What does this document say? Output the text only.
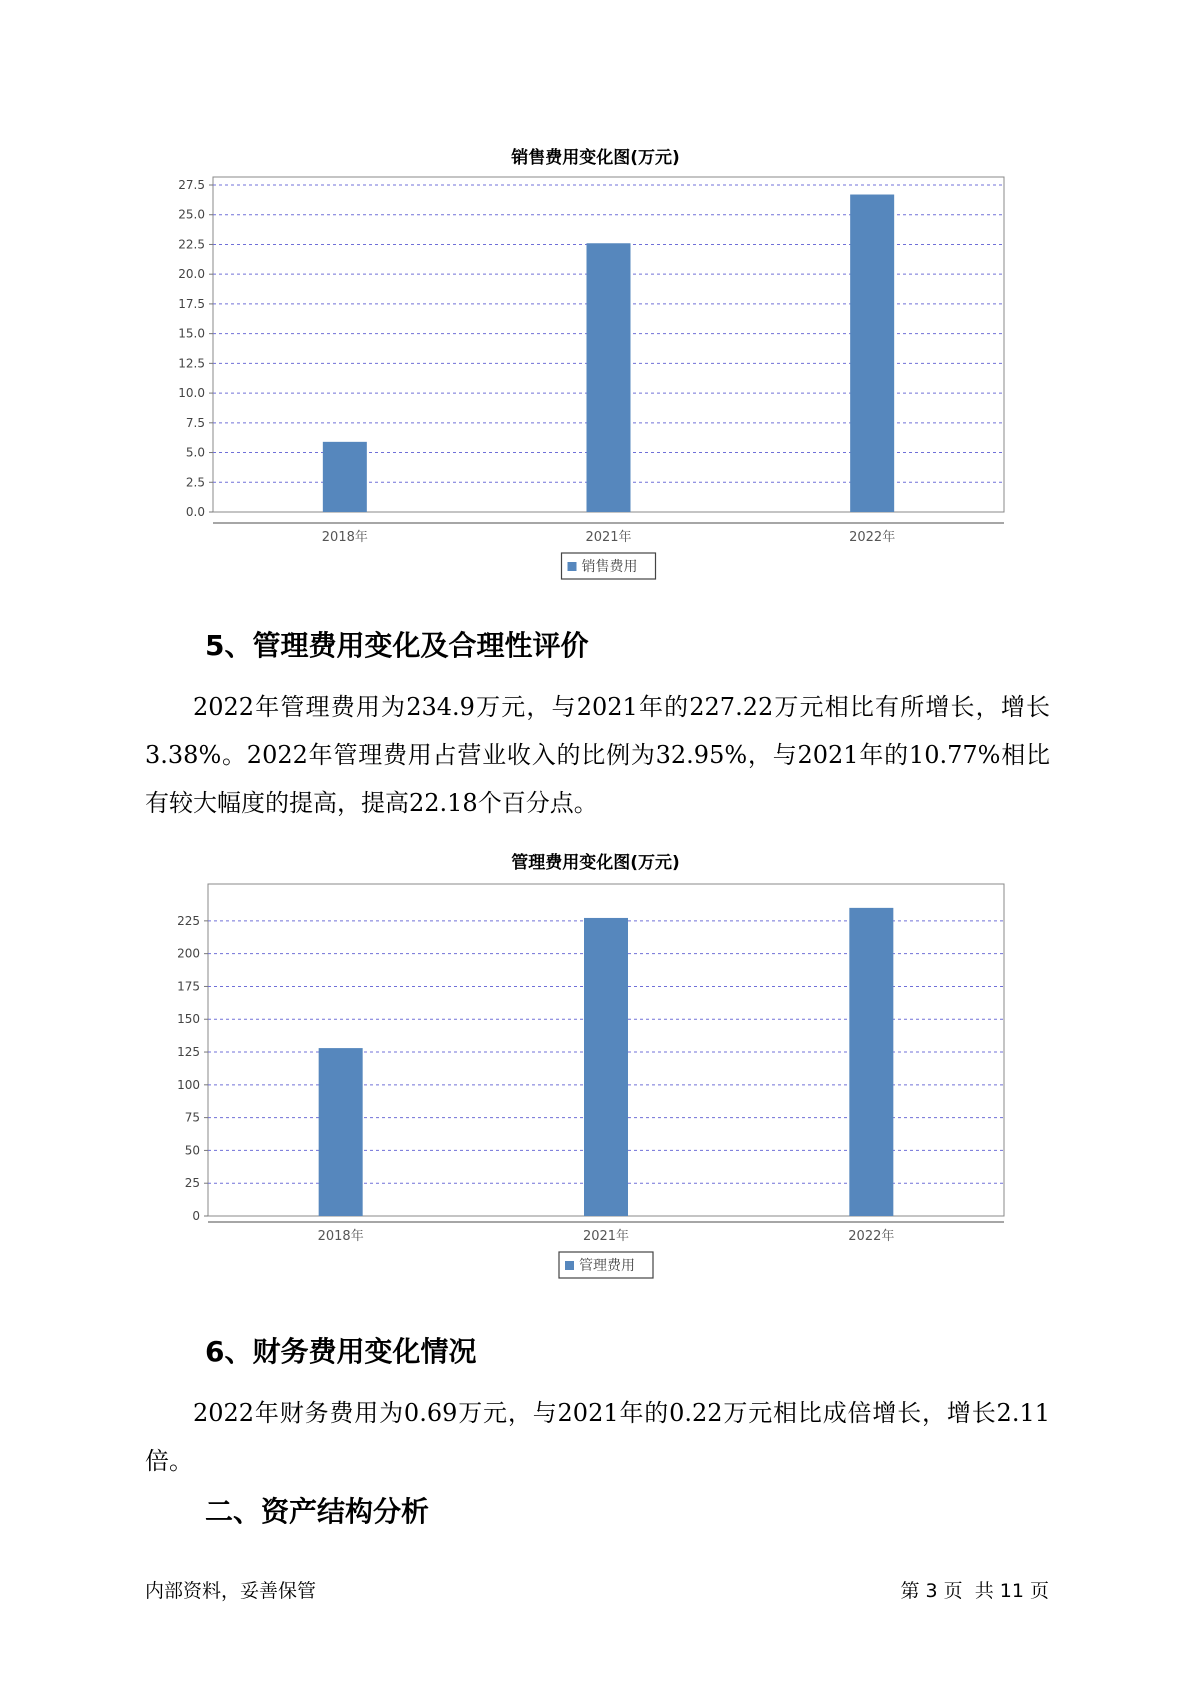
销售费用变化图(万元)
0.0
2.5
5.0
7.5
10.0
12.5
15.0
17.5
20.0
22.5
25.0
27.5
2018年	2021年	2022年
销售费用
5、管理费用变化及合理性评价

2022年管理费用为234.9万元，与2021年的227.22万元相比有所增长，增长3.38%。2022年管理费用占营业收入的比例为32.95%，与2021年的10.77%相比有较大幅度的提高，提高22.18个百分点。

管理费用变化图(万元)
0
25
50
75
100
125
150
175
200
225
2018年	2021年	2022年
管理费用
6、财务费用变化情况

2022年财务费用为0.69万元，与2021年的0.22万元相比成倍增长，增长2.11倍。

二、资产结构分析
内部资料，妥善保管	第 3 页  共 11 页
